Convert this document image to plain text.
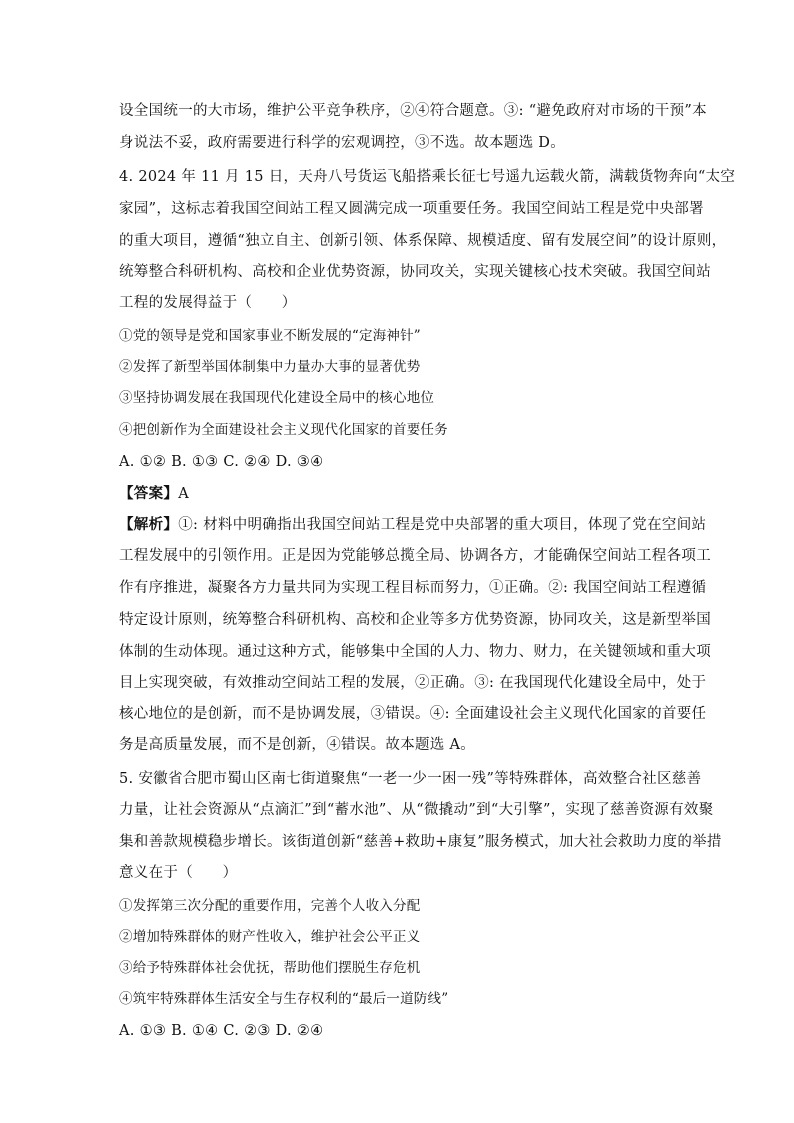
设全国统一的大市场，维护公平竞争秩序，②④符合题意。③: “避免政府对市场的干预”本
身说法不妥，政府需要进行科学的宏观调控，③不选。故本题选 D。
4. 2024 年 11 月 15 日，天舟八号货运飞船搭乘长征七号遥九运载火箭，满载货物奔向“太空
家园”，这标志着我国空间站工程又圆满完成一项重要任务。我国空间站工程是党中央部署
的重大项目，遵循“独立自主、创新引领、体系保障、规模适度、留有发展空间”的设计原则，
统筹整合科研机构、高校和企业优势资源，协同攻关，实现关键核心技术突破。我国空间站
工程的发展得益于（　　）
①党的领导是党和国家事业不断发展的“定海神针”
②发挥了新型举国体制集中力量办大事的显著优势
③坚持协调发展在我国现代化建设全局中的核心地位
④把创新作为全面建设社会主义现代化国家的首要任务
A. ①② B. ①③ C. ②④ D. ③④
【答案】A
【解析】①: 材料中明确指出我国空间站工程是党中央部署的重大项目，体现了党在空间站
工程发展中的引领作用。正是因为党能够总揽全局、协调各方，才能确保空间站工程各项工
作有序推进，凝聚各方力量共同为实现工程目标而努力，①正确。②: 我国空间站工程遵循
特定设计原则，统筹整合科研机构、高校和企业等多方优势资源，协同攻关，这是新型举国
体制的生动体现。通过这种方式，能够集中全国的人力、物力、财力，在关键领域和重大项
目上实现突破，有效推动空间站工程的发展，②正确。③: 在我国现代化建设全局中，处于
核心地位的是创新，而不是协调发展，③错误。④: 全面建设社会主义现代化国家的首要任
务是高质量发展，而不是创新，④错误。故本题选 A。
5. 安徽省合肥市蜀山区南七街道聚焦“一老一少一困一残”等特殊群体，高效整合社区慈善
力量，让社会资源从“点滴汇”到“蓄水池”、从“微撬动”到“大引擎”，实现了慈善资源有效聚
集和善款规模稳步增长。该街道创新“慈善+救助+康复”服务模式，加大社会救助力度的举措
意义在于（　　）
①发挥第三次分配的重要作用，完善个人收入分配
②增加特殊群体的财产性收入，维护社会公平正义
③给予特殊群体社会优抚，帮助他们摆脱生存危机
④筑牢特殊群体生活安全与生存权利的“最后一道防线”
A. ①③ B. ①④ C. ②③ D. ②④
